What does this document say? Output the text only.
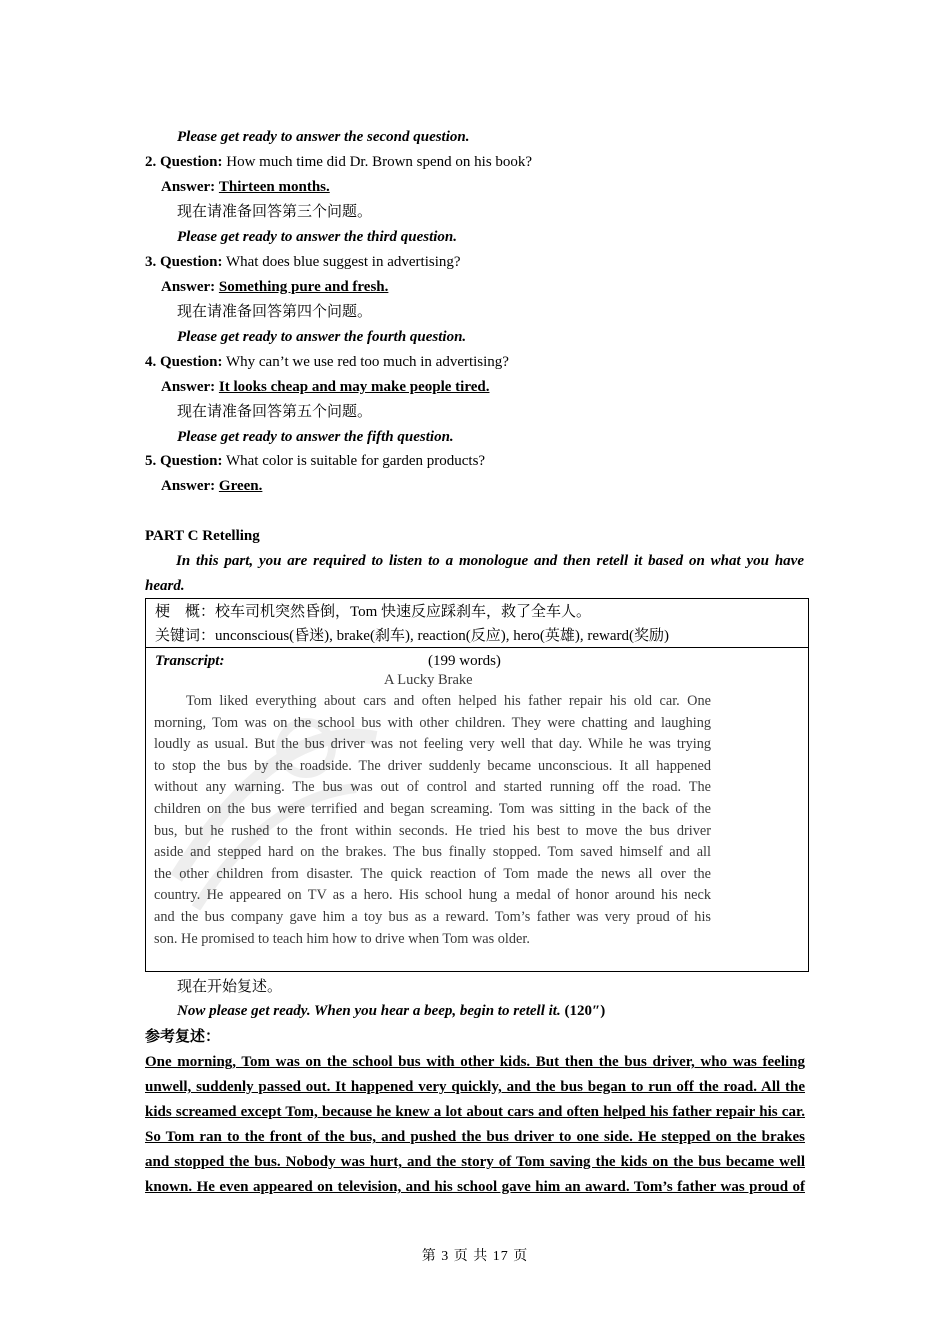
Please get ready to answer the second question.
2. Question: How much time did Dr. Brown spend on his book?
Answer: Thirteen months.
现在请准备回答第三个问题。
Please get ready to answer the third question.
3. Question: What does blue suggest in advertising?
Answer: Something pure and fresh.
现在请准备回答第四个问题。
Please get ready to answer the fourth question.
4. Question: Why can’t we use red too much in advertising?
Answer: It looks cheap and may make people tired.
现在请准备回答第五个问题。
Please get ready to answer the fifth question.
5. Question: What color is suitable for garden products?
Answer: Green.
PART C Retelling
In this part, you are required to listen to a monologue and then retell it based on what you have
heard.
梗　概：校车司机突然昏倒，Tom 快速反应踩刹车，救了全车人。
关键词：unconscious(昏迷), brake(刹车), reaction(反应), hero(英雄), reward(奖励)
Transcript:	(199 words)
A Lucky Brake
Tom liked everything about cars and often helped his father repair his old car. One
morning, Tom was on the school bus with other children. They were chatting and laughing
loudly as usual. But the bus driver was not feeling very well that day. While he was trying
to stop the bus by the roadside. The driver suddenly became unconscious. It all happened
without any warning. The bus was out of control and started running off the road. The
children on the bus were terrified and began screaming. Tom was sitting in the back of the
bus, but he rushed to the front within seconds. He tried his best to move the bus driver
aside and stepped hard on the brakes. The bus finally stopped. Tom saved himself and all
the other children from disaster. The quick reaction of Tom made the news all over the
country. He appeared on TV as a hero. His school hung a medal of honor around his neck
and the bus company gave him a toy bus as a reward. Tom’s father was very proud of his
son. He promised to teach him how to drive when Tom was older.
现在开始复述。
Now please get ready. When you hear a beep, begin to retell it. (120″)
参考复述：
One morning, Tom was on the school bus with other kids. But then the bus driver, who was feeling
unwell, suddenly passed out. It happened very quickly, and the bus began to run off the road. All the
kids screamed except Tom, because he knew a lot about cars and often helped his father repair his car.
So Tom ran to the front of the bus, and pushed the bus driver to one side. He stepped on the brakes
and stopped the bus. Nobody was hurt, and the story of Tom saving the kids on the bus became well
known. He even appeared on television, and his school gave him an award. Tom’s father was proud of
第 3 页 共 17 页
